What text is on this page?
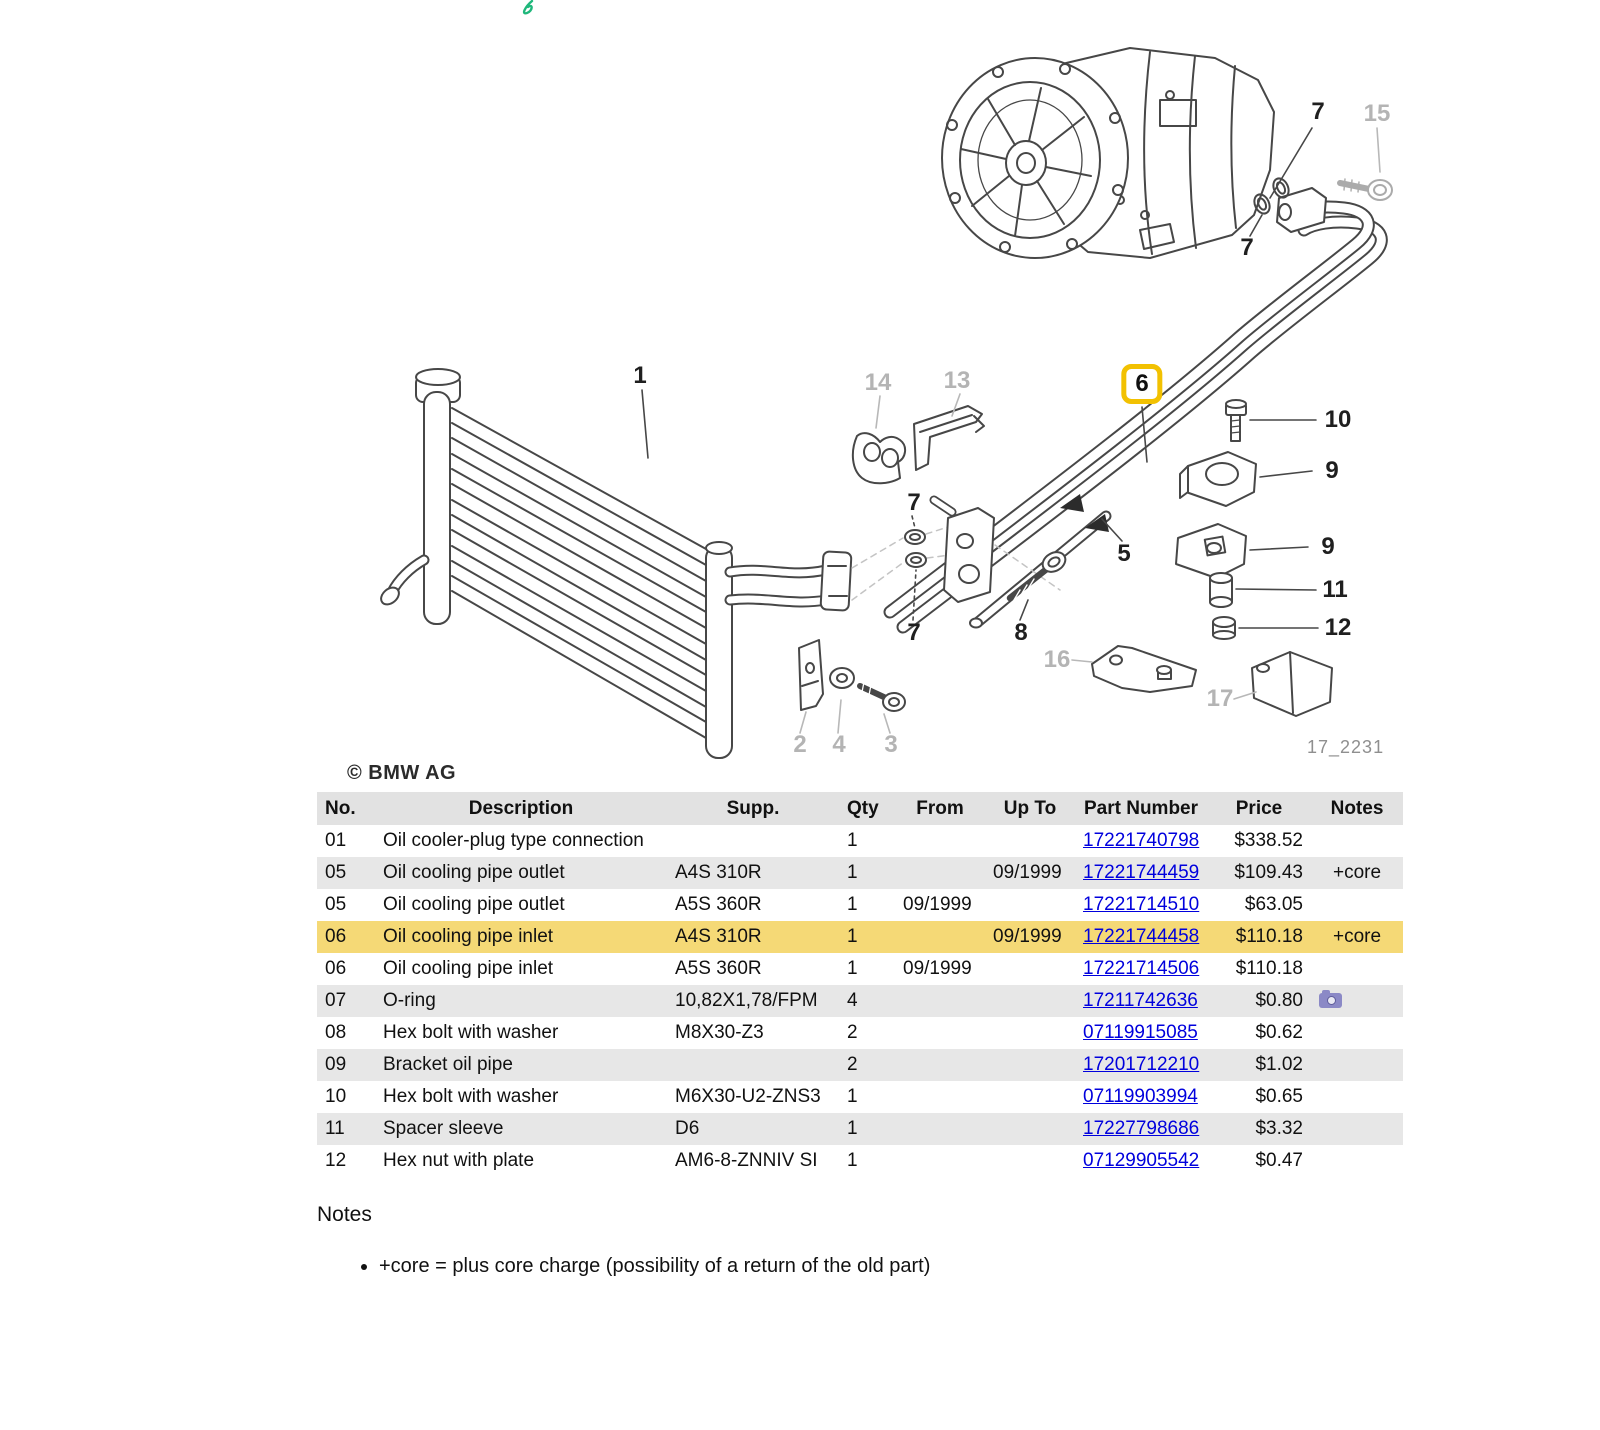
© BMW AG
17_2231
1
7 15
7
14 13	6
10
9
7
5	9
11
12
7	8
16
17
2 4 3
No.	Description	Supp.	Qty	From	Up To	Part Number	Price	Notes
01	Oil cooler-plug type connection		1			17221740798	$338.52	
05	Oil cooling pipe outlet	A4S 310R	1		09/1999	17221744459	$109.43	+core
05	Oil cooling pipe outlet	A5S 360R	1	09/1999		17221714510	$63.05	
06	Oil cooling pipe inlet	A4S 310R	1		09/1999	17221744458	$110.18	+core
06	Oil cooling pipe inlet	A5S 360R	1	09/1999		17221714506	$110.18	
07	O-ring	10,82X1,78/FPM	4			17211742636	$0.80	
08	Hex bolt with washer	M8X30-Z3	2			07119915085	$0.62	
09	Bracket oil pipe		2			17201712210	$1.02	
10	Hex bolt with washer	M6X30-U2-ZNS3	1			07119903994	$0.65	
11	Spacer sleeve	D6	1			17227798686	$3.32	
12	Hex nut with plate	AM6-8-ZNNIV SI	1			07129905542	$0.47	
Notes
• +core = plus core charge (possibility of a return of the old part)
